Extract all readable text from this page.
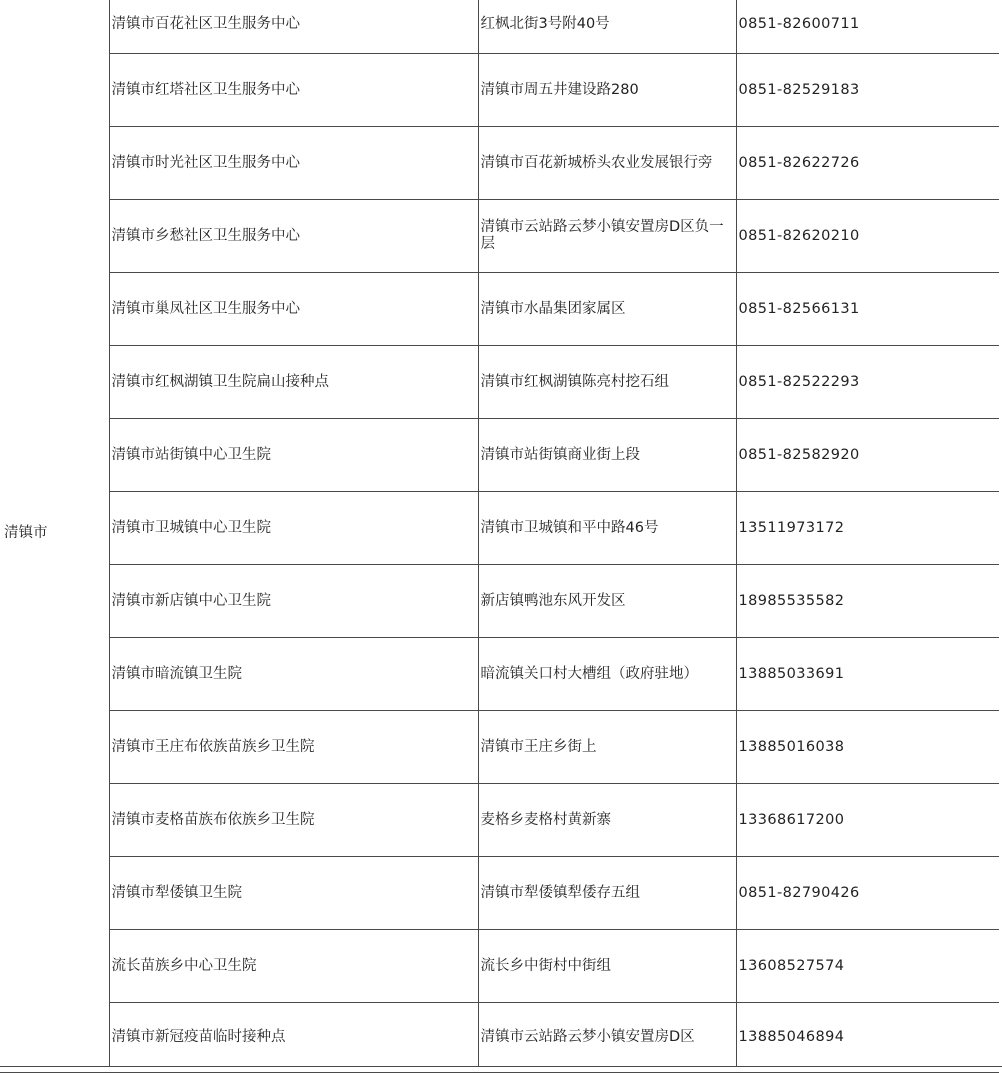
清镇市	清镇市百花社区卫生服务中心	红枫北街3号附40号	0851-82600711
	清镇市红塔社区卫生服务中心	清镇市周五井建设路280	0851-82529183
	清镇市时光社区卫生服务中心	清镇市百花新城桥头农业发展银行旁	0851-82622726
	清镇市乡愁社区卫生服务中心	清镇市云站路云梦小镇安置房D区负一层	0851-82620210
	清镇市巢凤社区卫生服务中心	清镇市水晶集团家属区	0851-82566131
	清镇市红枫湖镇卫生院扁山接种点	清镇市红枫湖镇陈亮村挖石组	0851-82522293
	清镇市站街镇中心卫生院	清镇市站街镇商业街上段	0851-82582920
	清镇市卫城镇中心卫生院	清镇市卫城镇和平中路46号	13511973172
	清镇市新店镇中心卫生院	新店镇鸭池东风开发区	18985535582
	清镇市暗流镇卫生院	暗流镇关口村大槽组（政府驻地）	13885033691
	清镇市王庄布依族苗族乡卫生院	清镇市王庄乡街上	13885016038
	清镇市麦格苗族布依族乡卫生院	麦格乡麦格村黄新寨	13368617200
	清镇市犁倭镇卫生院	清镇市犁倭镇犁倭存五组	0851-82790426
	流长苗族乡中心卫生院	流长乡中街村中街组	13608527574
	清镇市新冠疫苗临时接种点	清镇市云站路云梦小镇安置房D区	13885046894
